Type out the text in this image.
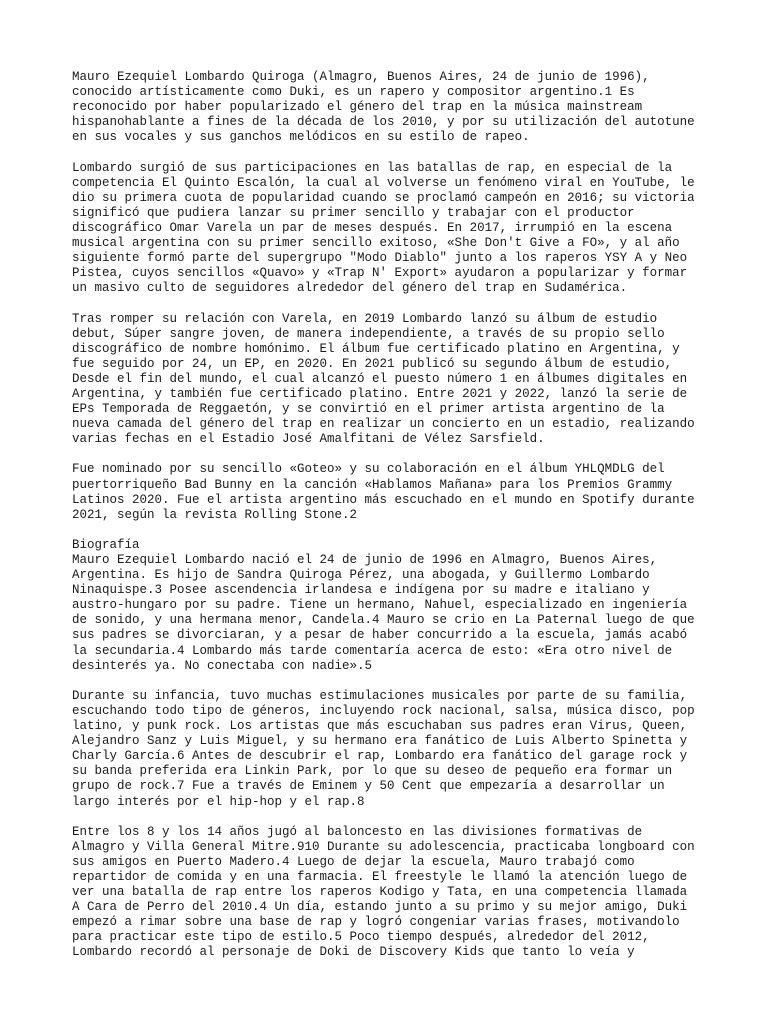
Mauro Ezequiel Lombardo Quiroga (Almagro, Buenos Aires, 24 de junio de 1996),
conocido artísticamente como Duki, es un rapero y compositor argentino.1 Es
reconocido por haber popularizado el género del trap en la música mainstream
hispanohablante a fines de la década de los 2010, y por su utilización del autotune
en sus vocales y sus ganchos melódicos en su estilo de rapeo.

Lombardo surgió de sus participaciones en las batallas de rap, en especial de la
competencia El Quinto Escalón, la cual al volverse un fenómeno viral en YouTube, le
dio su primera cuota de popularidad cuando se proclamó campeón en 2016; su victoria
significó que pudiera lanzar su primer sencillo y trabajar con el productor
discográfico Omar Varela un par de meses después. En 2017, irrumpió en la escena
musical argentina con su primer sencillo exitoso, «She Don't Give a FO», y al año
siguiente formó parte del supergrupo "Modo Diablo" junto a los raperos YSY A y Neo
Pistea, cuyos sencillos «Quavo» y «Trap N' Export» ayudaron a popularizar y formar
un masivo culto de seguidores alrededor del género del trap en Sudamérica.

Tras romper su relación con Varela, en 2019 Lombardo lanzó su álbum de estudio
debut, Súper sangre joven, de manera independiente, a través de su propio sello
discográfico de nombre homónimo. El álbum fue certificado platino en Argentina, y
fue seguido por 24, un EP, en 2020. En 2021 publicó su segundo álbum de estudio,
Desde el fin del mundo, el cual alcanzó el puesto número 1 en álbumes digitales en
Argentina, y también fue certificado platino. Entre 2021 y 2022, lanzó la serie de
EPs Temporada de Reggaetón, y se convirtió en el primer artista argentino de la
nueva camada del género del trap en realizar un concierto en un estadio, realizando
varias fechas en el Estadio José Amalfitani de Vélez Sarsfield.

Fue nominado por su sencillo «Goteo» y su colaboración en el álbum YHLQMDLG del
puertorriqueño Bad Bunny en la canción «Hablamos Mañana» para los Premios Grammy
Latinos 2020. Fue el artista argentino más escuchado en el mundo en Spotify durante
2021, según la revista Rolling Stone.2

Biografía

Mauro Ezequiel Lombardo nació el 24 de junio de 1996 en Almagro, Buenos Aires,
Argentina. Es hijo de Sandra Quiroga Pérez, una abogada, y Guillermo Lombardo
Ninaquispe.3 Posee ascendencia irlandesa e indígena por su madre e italiano y
austro-hungaro por su padre. Tiene un hermano, Nahuel, especializado en ingeniería
de sonido, y una hermana menor, Candela.4 Mauro se crio en La Paternal luego de que
sus padres se divorciaran, y a pesar de haber concurrido a la escuela, jamás acabó
la secundaria.4 Lombardo más tarde comentaría acerca de esto: «Era otro nivel de
desinterés ya. No conectaba con nadie».5

Durante su infancia, tuvo muchas estimulaciones musicales por parte de su familia,
escuchando todo tipo de géneros, incluyendo rock nacional, salsa, música disco, pop
latino, y punk rock. Los artistas que más escuchaban sus padres eran Virus, Queen,
Alejandro Sanz y Luis Miguel, y su hermano era fanático de Luis Alberto Spinetta y
Charly García.6 Antes de descubrir el rap, Lombardo era fanático del garage rock y
su banda preferida era Linkin Park, por lo que su deseo de pequeño era formar un
grupo de rock.7 Fue a través de Eminem y 50 Cent que empezaría a desarrollar un
largo interés por el hip-hop y el rap.8

Entre los 8 y los 14 años jugó al baloncesto en las divisiones formativas de
Almagro y Villa General Mitre.910 Durante su adolescencia, practicaba longboard con
sus amigos en Puerto Madero.4 Luego de dejar la escuela, Mauro trabajó como
repartidor de comida y en una farmacia. El freestyle le llamó la atención luego de
ver una batalla de rap entre los raperos Kodigo y Tata, en una competencia llamada
A Cara de Perro del 2010.4 Un día, estando junto a su primo y su mejor amigo, Duki
empezó a rimar sobre una base de rap y logró congeniar varias frases, motivandolo
para practicar este tipo de estilo.5 Poco tiempo después, alrededor del 2012,
Lombardo recordó al personaje de Doki de Discovery Kids que tanto lo veía y
